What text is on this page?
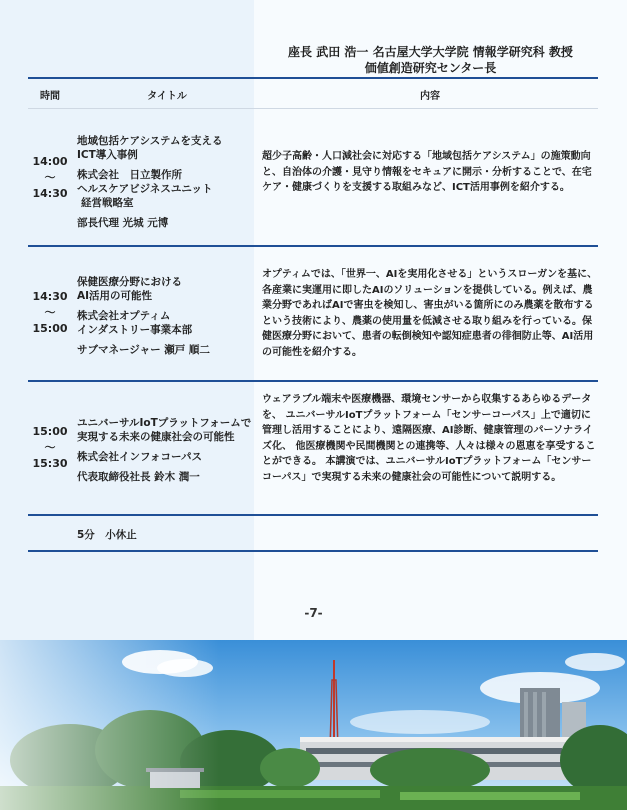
座長 武田 浩一 名古屋大学大学院 情報学研究科 教授
価値創造研究センター長
時間	タイトル	内容
14:00
〜
14:30
地域包括ケアシステムを支える
ICT導入事例
株式会社　日立製作所
ヘルスケアビジネスユニット
経営戦略室
部長代理 光城 元博
超少子高齢・人口減社会に対応する「地域包括ケアシステム」の施策動向と、自治体の介護・見守り情報をセキュアに開示・分析することで、在宅ケア・健康づくりを支援する取組みなど、ICT活用事例を紹介する。
14:30
〜
15:00
保健医療分野における
AI活用の可能性
株式会社オプティム
インダストリー事業本部
サブマネージャー 瀬戸 順二
オプティムでは、「世界一、AIを実用化させる」というスローガンを基に、各産業に実運用に即したAIのソリューションを提供している。例えば、農業分野であればAIで害虫を検知し、害虫がいる箇所にのみ農薬を散布するという技術により、農薬の使用量を低減させる取り組みを行っている。保健医療分野において、患者の転倒検知や認知症患者の徘徊防止等、AI活用の可能性を紹介する。
15:00
〜
15:30
ユニバーサルIoTプラットフォームで
実現する未来の健康社会の可能性
株式会社インフォコーパス
代表取締役社長 鈴木 潤一
ウェアラブル端末や医療機器、環境センサーから収集するあらゆるデータを、 ユニバーサルIoTプラットフォーム「センサーコーパス」上で適切に管理し活用することにより、遠隔医療、AI診断、健康管理のパーソナライズ化、 他医療機関や民間機関との連携等、人々は様々の恩恵を享受することができる。 本講演では、ユニバーサルIoTプラットフォーム「センサーコーパス」で実現する未来の健康社会の可能性について説明する。
5分　小休止
-7-
